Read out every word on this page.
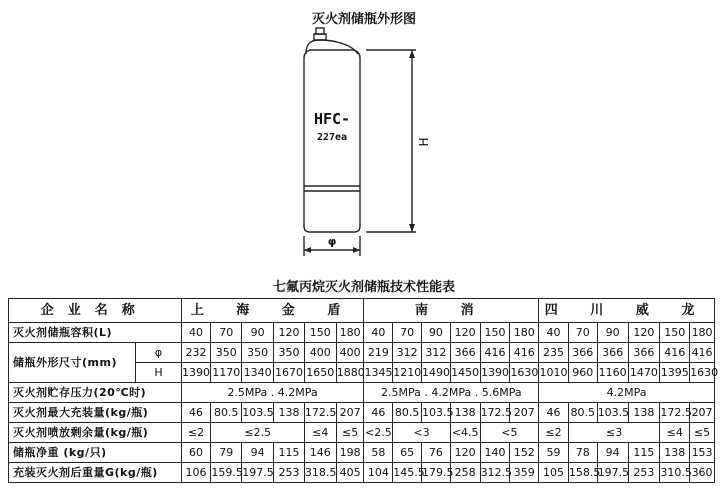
灭火剂储瓶外形图
HFC-
227ea	H
φ
七氟丙烷灭火剂储瓶技术性能表
企业名称		上 海 金 盾						南 消						四 川 威 龙					
灭火剂储瓶容积(L)		40	70	90	120	150	180	40	70	90	120	150	180	40	70	90	120	150	180
储瓶外形尺寸(mm)	φ	232	350	350	350	400	400	219	312	312	366	416	416	235	366	366	366	416	416
	H	1390	1170	1340	1670	1650	1880	1345	1210	1490	1450	1390	1630	1010	960	1160	1470	1395	1630
灭火剂贮存压力(20℃时)		2.5MPa . 4.2MPa						2.5MPa . 4.2MPa . 5.6MPa						4.2MPa					
灭火剂最大充装量(kg/瓶)		46	80.5	103.5	138	172.5	207	46	80.5	103.5	138	172.5	207	46	80.5	103.5	138	172.5	207
灭火剂喷放剩余量(kg/瓶)		≤2	≤2.5			≤4	≤5	<2.5	<3		<4.5	<5		≤2	≤3			≤4	≤5
储瓶净重 (kg/只)		60	79	94	115	146	198	58	65	76	120	140	152	59	78	94	115	138	153
充装灭火剂后重量G(kg/瓶)		106	159.5	197.5	253	318.5	405	104	145.5	179.5	258	312.5	359	105	158.5	197.5	253	310.5	360
